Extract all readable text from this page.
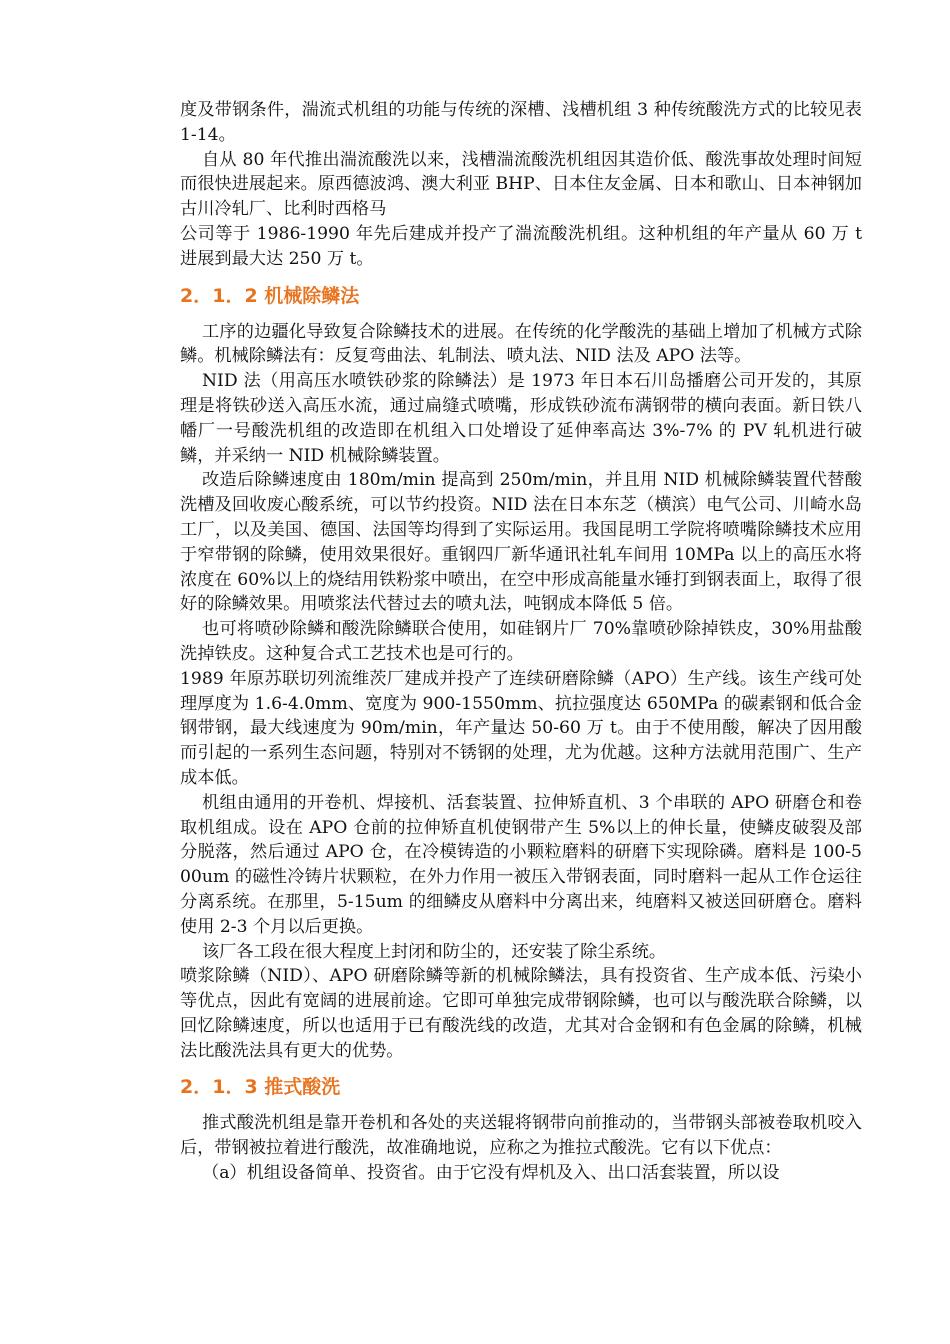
度及带钢条件，湍流式机组的功能与传统的深槽、浅槽机组 3 种传统酸洗方式的比较见表 1-14。

自从 80 年代推出湍流酸洗以来，浅槽湍流酸洗机组因其造价低、酸洗事故处理时间短而很快进展起来。原西德波鸿、澳大利亚 BHP、日本住友金属、日本和歌山、日本神钢加古川冷轧厂、比利时西格马

公司等于 1986-1990 年先后建成并投产了湍流酸洗机组。这种机组的年产量从 60 万 t 进展到最大达 250 万 t。

2．1．2 机械除鳞法

工序的边疆化导致复合除鳞技术的进展。在传统的化学酸洗的基础上增加了机械方式除鳞。机械除鳞法有：反复弯曲法、轧制法、喷丸法、NID 法及 APO 法等。

NID 法（用高压水喷铁砂浆的除鳞法）是 1973 年日本石川岛播磨公司开发的，其原理是将铁砂送入高压水流，通过扁缝式喷嘴，形成铁砂流布满钢带的横向表面。新日铁八幡厂一号酸洗机组的改造即在机组入口处增设了延伸率高达 3%-7% 的 PV 轧机进行破鳞，并采纳一 NID 机械除鳞装置。

改造后除鳞速度由 180m/min 提高到 250m/min，并且用 NID 机械除鳞装置代替酸洗槽及回收废心酸系统，可以节约投资。NID 法在日本东芝（横滨）电气公司、川崎水岛工厂，以及美国、德国、法国等均得到了实际运用。我国昆明工学院将喷嘴除鳞技术应用于窄带钢的除鳞，使用效果很好。重钢四厂新华通讯社轧车间用 10MPa 以上的高压水将浓度在 60%以上的烧结用铁粉浆中喷出，在空中形成高能量水锤打到钢表面上，取得了很好的除鳞效果。用喷浆法代替过去的喷丸法，吨钢成本降低 5 倍。

也可将喷砂除鳞和酸洗除鳞联合使用，如硅钢片厂 70%靠喷砂除掉铁皮，30%用盐酸洗掉铁皮。这种复合式工艺技术也是可行的。

1989 年原苏联切列流维茨厂建成并投产了连续研磨除鳞（APO）生产线。该生产线可处理厚度为 1.6-4.0mm、宽度为 900-1550mm、抗拉强度达 650MPa 的碳素钢和低合金钢带钢，最大线速度为 90m/min，年产量达 50-60 万 t。由于不使用酸，解决了因用酸而引起的一系列生态问题，特别对不锈钢的处理，尤为优越。这种方法就用范围广、生产成本低。

机组由通用的开卷机、焊接机、活套装置、拉伸矫直机、3 个串联的 APO 研磨仓和卷取机组成。设在 APO 仓前的拉伸矫直机使钢带产生 5%以上的伸长量，使鳞皮破裂及部分脱落，然后通过 APO 仓，在冷模铸造的小颗粒磨料的研磨下实现除磷。磨料是 100-500um 的磁性冷铸片状颗粒，在外力作用一被压入带钢表面，同时磨料一起从工作仓运往分离系统。在那里，5-15um 的细鳞皮从磨料中分离出来，纯磨料又被送回研磨仓。磨料使用 2-3 个月以后更换。

该厂各工段在很大程度上封闭和防尘的，还安装了除尘系统。

喷浆除鳞（NID）、APO 研磨除鳞等新的机械除鳞法，具有投资省、生产成本低、污染小等优点，因此有宽阔的进展前途。它即可单独完成带钢除鳞，也可以与酸洗联合除鳞，以回忆除鳞速度，所以也适用于已有酸洗线的改造，尤其对合金钢和有色金属的除鳞，机械法比酸洗法具有更大的优势。

2．1．3 推式酸洗

推式酸洗机组是靠开卷机和各处的夹送辊将钢带向前推动的，当带钢头部被卷取机咬入后，带钢被拉着进行酸洗，故准确地说，应称之为推拉式酸洗。它有以下优点：

（a）机组设备简单、投资省。由于它没有焊机及入、出口活套装置，所以设
